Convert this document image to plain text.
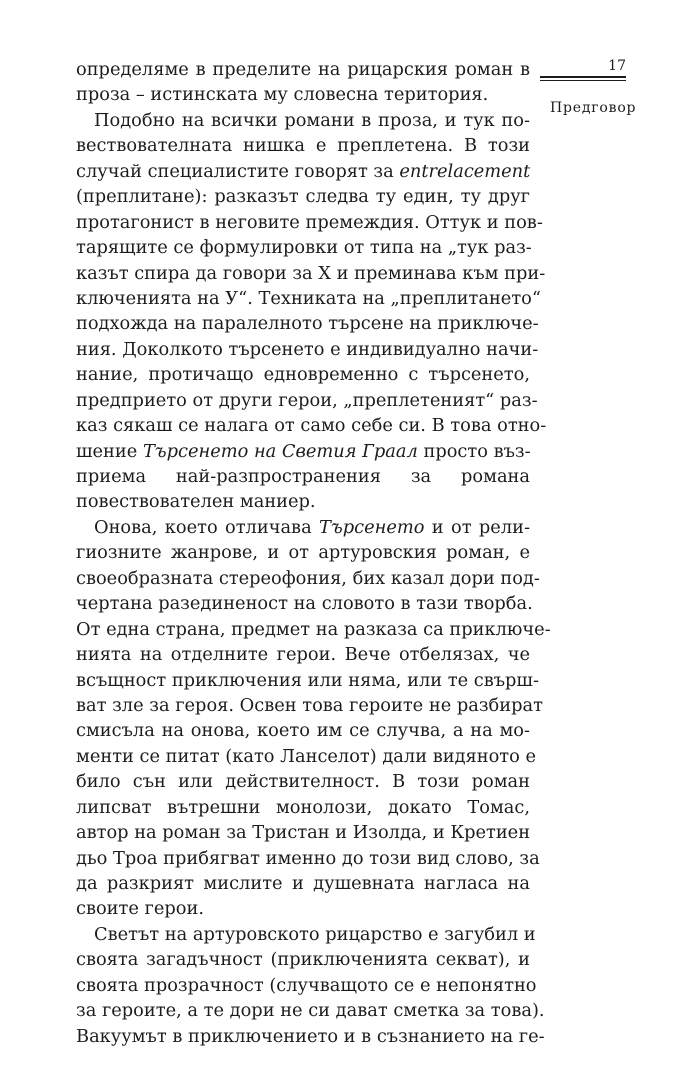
17
Предговор
определяме в пределите на рицарския роман в
проза – истинската му словесна територия.
Подобно на всички романи в проза, и тук по-
вествователната нишка е преплетена. В този
случай специалистите говорят за entrelacement
(преплитане): разказът следва ту един, ту друг
протагонист в неговите премеждия. Оттук и пов-
тарящите се формулировки от типа на „тук раз-
казът спира да говори за Х и преминава към при-
ключенията на У“. Техниката на „преплитането“
подхожда на паралелното търсене на приключе-
ния. Доколкото търсенето е индивидуално начи-
нание, протичащо едновременно с търсенето,
предприето от други герои, „преплетеният“ раз-
каз сякаш се налага от само себе си. В това отно-
шение Търсенето на Светия Граал просто въз-
приема най-разпространения за романа
повествователен маниер.
Онова, което отличава Търсенето и от рели-
гиозните жанрове, и от артуровския роман, е
своеобразната стереофония, бих казал дори под-
чертана разединеност на словото в тази творба.
От една страна, предмет на разказа са приключе-
нията на отделните герои. Вече отбелязах, че
всъщност приключения или няма, или те свърш-
ват зле за героя. Освен това героите не разбират
смисъла на онова, което им се случва, а на мо-
менти се питат (като Ланселот) дали видяното е
било сън или действителност. В този роман
липсват вътрешни монолози, докато Томас,
автор на роман за Тристан и Изолда, и Кретиен
дьо Троа прибягват именно до този вид слово, за
да разкрият мислите и душевната нагласа на
своите герои.
Светът на артуровското рицарство е загубил и
своята загадъчност (приключенията секват), и
своята прозрачност (случващото се е непонятно
за героите, а те дори не си дават сметка за това).
Вакуумът в приключението и в съзнанието на ге-
